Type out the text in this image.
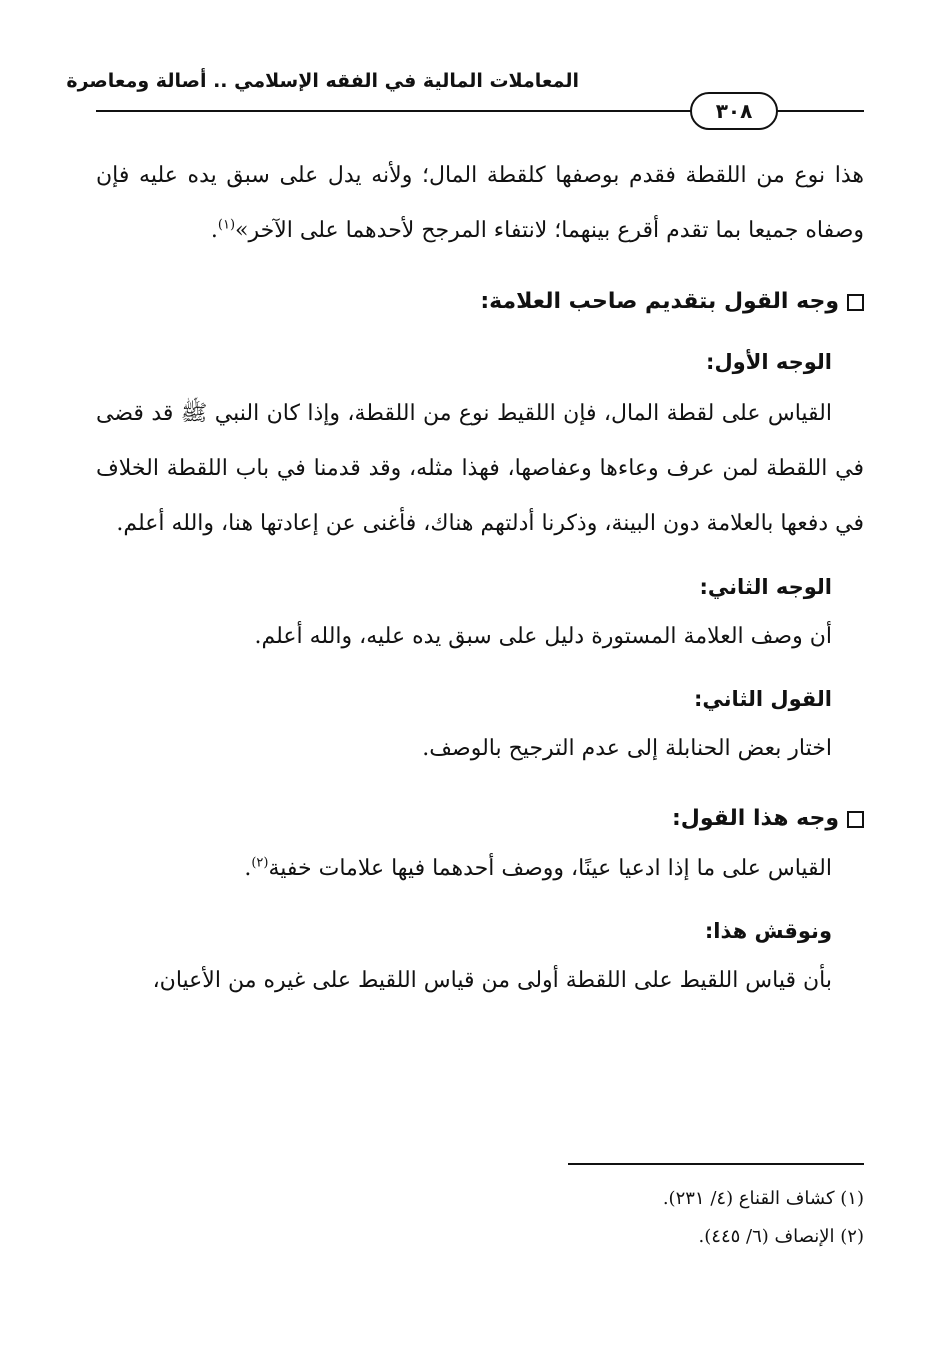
المعاملات المالية في الفقه الإسلامي .. أصالة ومعاصرة
٣٠٨

هذا نوع من اللقطة فقدم بوصفها كلقطة المال؛ ولأنه يدل على سبق يده عليه فإن وصفاه جميعا بما تقدم أقرع بينهما؛ لانتفاء المرجح لأحدهما على الآخر»$^{(١)}$.

وجه القول بتقديم صاحب العلامة:
الوجه الأول:

القياس على لقطة المال، فإن اللقيط نوع من اللقطة، وإذا كان النبي ﷺ قد قضى في اللقطة لمن عرف وعاءها وعفاصها، فهذا مثله، وقد قدمنا في باب اللقطة الخلاف في دفعها بالعلامة دون البينة، وذكرنا أدلتهم هناك، فأغنى عن إعادتها هنا، والله أعلم.

الوجه الثاني:

أن وصف العلامة المستورة دليل على سبق يده عليه، والله أعلم.

القول الثاني:

اختار بعض الحنابلة إلى عدم الترجيح بالوصف.

وجه هذا القول:

القياس على ما إذا ادعيا عينًا، ووصف أحدهما فيها علامات خفية$^{(٢)}$.

ونوقش هذا:

بأن قياس اللقيط على اللقطة أولى من قياس اللقيط على غيره من الأعيان،

(١) كشاف القناع (٤/ ٢٣١).

(٢) الإنصاف (٦/ ٤٤٥).
